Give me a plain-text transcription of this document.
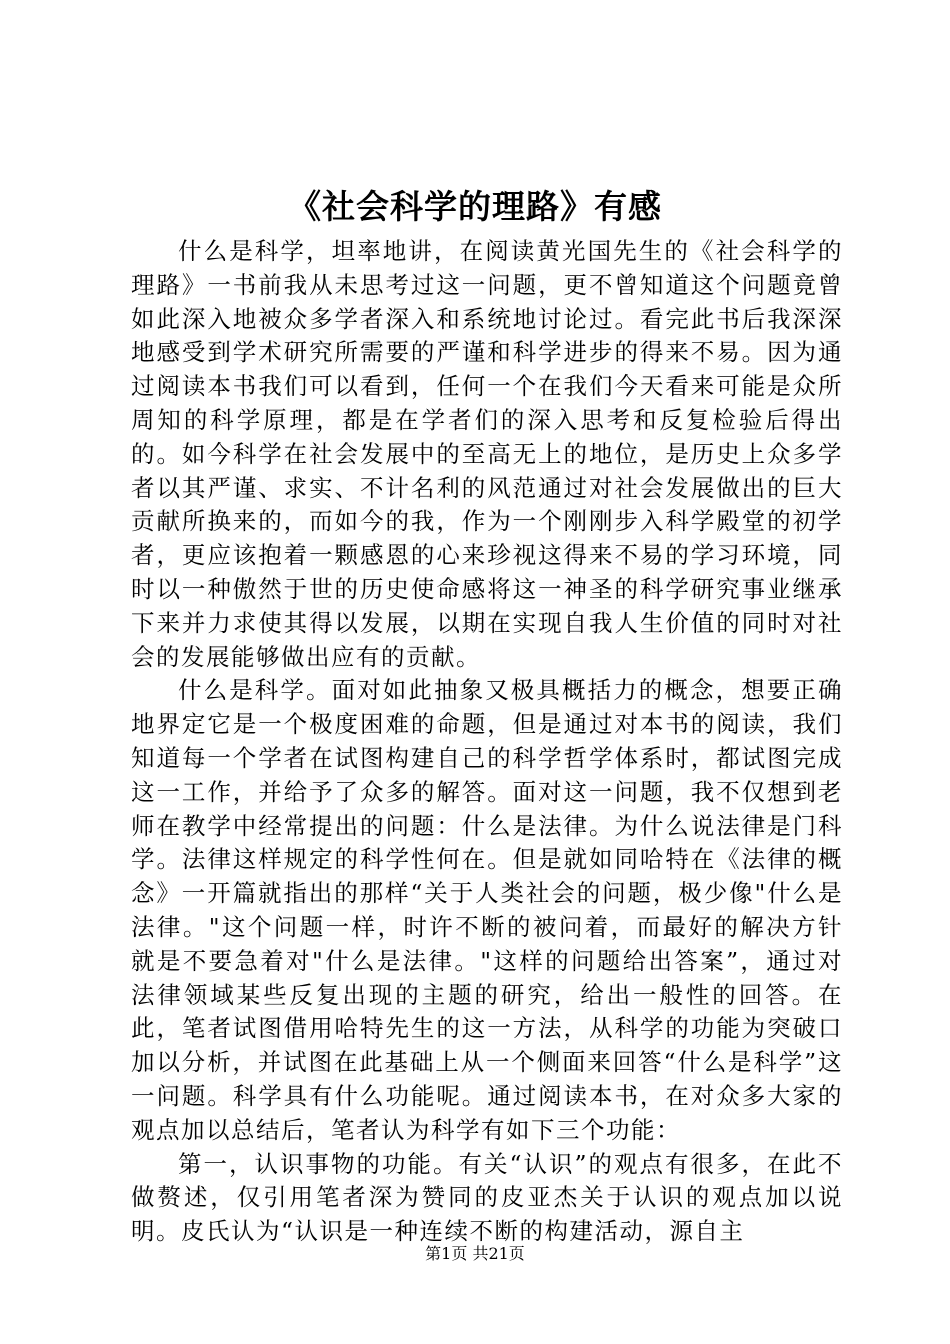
《社会科学的理路》有感

什么是科学，坦率地讲，在阅读黄光国先生的《社会科学的理路》一书前我从未思考过这一问题，更不曾知道这个问题竟曾如此深入地被众多学者深入和系统地讨论过。看完此书后我深深地感受到学术研究所需要的严谨和科学进步的得来不易。因为通过阅读本书我们可以看到，任何一个在我们今天看来可能是众所周知的科学原理，都是在学者们的深入思考和反复检验后得出的。如今科学在社会发展中的至高无上的地位，是历史上众多学者以其严谨、求实、不计名利的风范通过对社会发展做出的巨大贡献所换来的，而如今的我，作为一个刚刚步入科学殿堂的初学者，更应该抱着一颗感恩的心来珍视这得来不易的学习环境，同时以一种傲然于世的历史使命感将这一神圣的科学研究事业继承下来并力求使其得以发展，以期在实现自我人生价值的同时对社会的发展能够做出应有的贡献。

什么是科学。面对如此抽象又极具概括力的概念，想要正确地界定它是一个极度困难的命题，但是通过对本书的阅读，我们知道每一个学者在试图构建自己的科学哲学体系时，都试图完成这一工作，并给予了众多的解答。面对这一问题，我不仅想到老师在教学中经常提出的问题：什么是法律。为什么说法律是门科学。法律这样规定的科学性何在。但是就如同哈特在《法律的概念》一开篇就指出的那样“关于人类社会的问题，极少像"什么是法律。"这个问题一样，时许不断的被问着，而最好的解决方针就是不要急着对"什么是法律。"这样的问题给出答案”，通过对法律领域某些反复出现的主题的研究，给出一般性的回答。在此，笔者试图借用哈特先生的这一方法，从科学的功能为突破口加以分析，并试图在此基础上从一个侧面来回答“什么是科学”这一问题。科学具有什么功能呢。通过阅读本书，在对众多大家的观点加以总结后，笔者认为科学有如下三个功能：

第一，认识事物的功能。有关“认识”的观点有很多，在此不做赘述，仅引用笔者深为赞同的皮亚杰关于认识的观点加以说明。皮氏认为“认识是一种连续不断的构建活动，源自主

第1页 共21页
